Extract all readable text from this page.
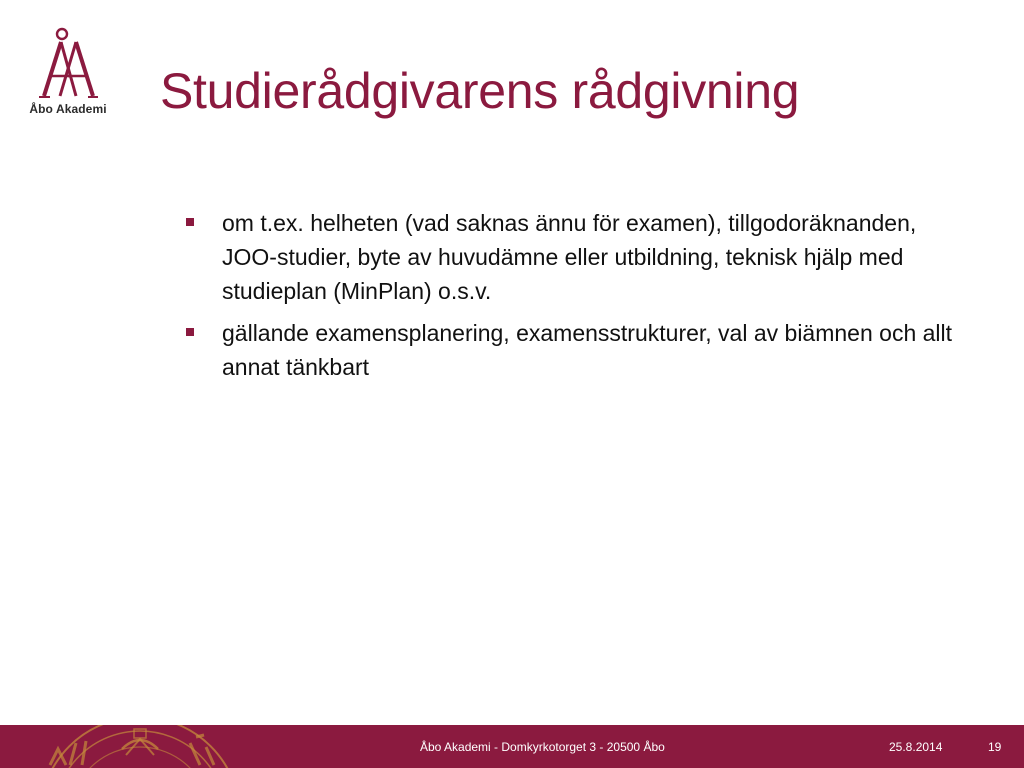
Åbo Akademi Studierådgivarens rådgivning
om t.ex. helheten (vad saknas ännu för examen), tillgodoräknanden, JOO-studier, byte av huvudämne eller utbildning, teknisk hjälp med studieplan (MinPlan) o.s.v.
gällande examensplanering, examensstrukturer, val av biämnen och allt annat tänkbart
Åbo Akademi - Domkyrkotorget 3 - 20500 Åbo	25.8.2014	19
